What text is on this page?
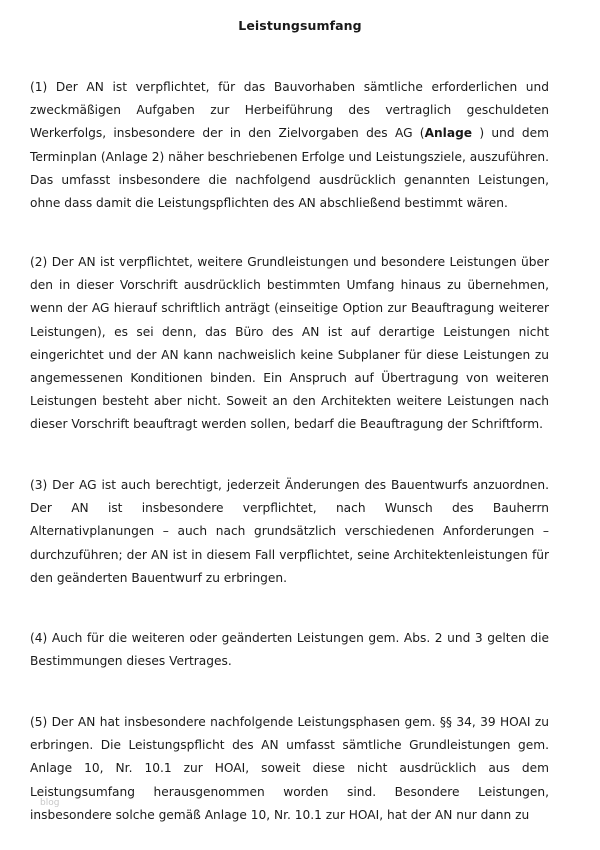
Leistungsumfang

(1) Der AN ist verpflichtet, für das Bauvorhaben sämtliche erforderlichen und zweckmäßigen Aufgaben zur Herbeiführung des vertraglich geschuldeten Werkerfolgs, insbesondere der in den Zielvorgaben des AG (Anlage ) und dem Terminplan (Anlage 2) näher beschriebenen Erfolge und Leistungsziele, auszuführen. Das umfasst insbesondere die nachfolgend ausdrücklich genannten Leistungen, ohne dass damit die Leistungspflichten des AN abschließend bestimmt wären.

(2) Der AN ist verpflichtet, weitere Grundleistungen und besondere Leistungen über den in dieser Vorschrift ausdrücklich bestimmten Umfang hinaus zu übernehmen, wenn der AG hierauf schriftlich anträgt (einseitige Option zur Beauftragung weiterer Leistungen), es sei denn, das Büro des AN ist auf derartige Leistungen nicht eingerichtet und der AN kann nachweislich keine Subplaner für diese Leistungen zu angemessenen Konditionen binden. Ein Anspruch auf Übertragung von weiteren Leistungen besteht aber nicht. Soweit an den Architekten weitere Leistungen nach dieser Vorschrift beauftragt werden sollen, bedarf die Beauftragung der Schriftform.

(3) Der AG ist auch berechtigt, jederzeit Änderungen des Bauentwurfs anzuordnen. Der AN ist insbesondere verpflichtet, nach Wunsch des Bauherrn Alternativplanungen – auch nach grundsätzlich verschiedenen Anforderungen – durchzuführen; der AN ist in diesem Fall verpflichtet, seine Architektenleistungen für den geänderten Bauentwurf zu erbringen.

(4) Auch für die weiteren oder geänderten Leistungen gem. Abs. 2 und 3 gelten die Bestimmungen dieses Vertrages.

(5) Der AN hat insbesondere nachfolgende Leistungsphasen gem. §§ 34, 39 HOAI zu erbringen. Die Leistungspflicht des AN umfasst sämtliche Grundleistungen gem. Anlage 10, Nr. 10.1 zur HOAI, soweit diese nicht ausdrücklich aus dem Leistungsumfang herausgenommen worden sind. Besondere Leistungen, insbesondere solche gemäß Anlage 10, Nr. 10.1 zur HOAI, hat der AN nur dann zu

blog
